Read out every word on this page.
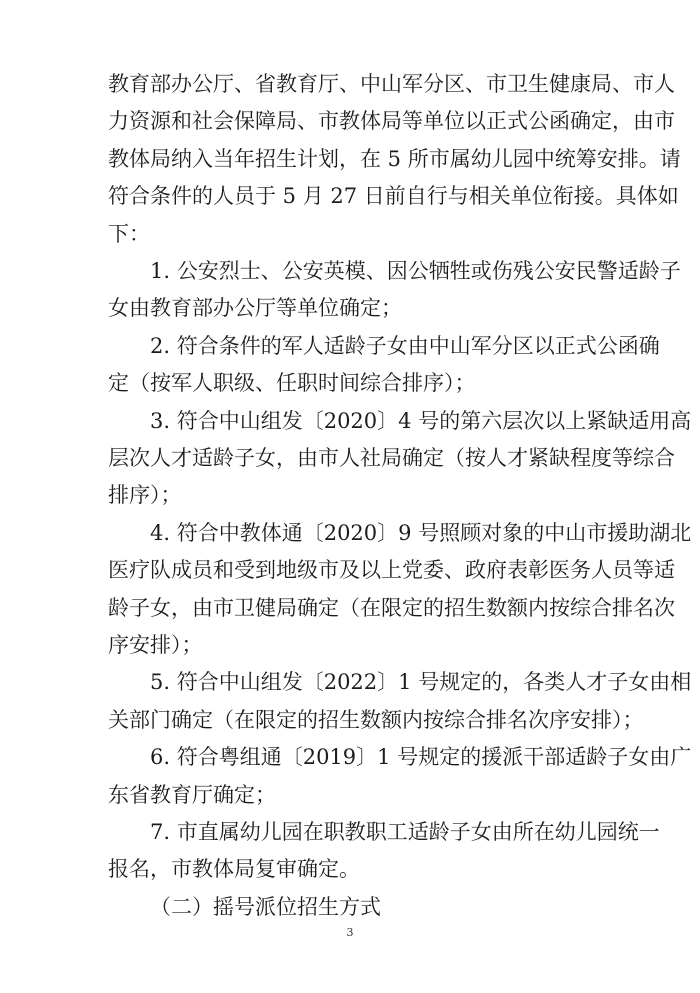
教育部办公厅、省教育厅、中山军分区、市卫生健康局、市人
力资源和社会保障局、市教体局等单位以正式公函确定，由市
教体局纳入当年招生计划，在 5 所市属幼儿园中统筹安排。请
符合条件的人员于 5 月 27 日前自行与相关单位衔接。具体如
下：
1. 公安烈士、公安英模、因公牺牲或伤残公安民警适龄子
女由教育部办公厅等单位确定；
2. 符合条件的军人适龄子女由中山军分区以正式公函确
定（按军人职级、任职时间综合排序）；
3. 符合中山组发〔2020〕4 号的第六层次以上紧缺适用高
层次人才适龄子女，由市人社局确定（按人才紧缺程度等综合
排序）；
4. 符合中教体通〔2020〕9 号照顾对象的中山市援助湖北
医疗队成员和受到地级市及以上党委、政府表彰医务人员等适
龄子女，由市卫健局确定（在限定的招生数额内按综合排名次
序安排）；
5. 符合中山组发〔2022〕1 号规定的，各类人才子女由相
关部门确定（在限定的招生数额内按综合排名次序安排）；
6. 符合粤组通〔2019〕1 号规定的援派干部适龄子女由广
东省教育厅确定；
7. 市直属幼儿园在职教职工适龄子女由所在幼儿园统一
报名，市教体局复审确定。
（二）摇号派位招生方式
3
